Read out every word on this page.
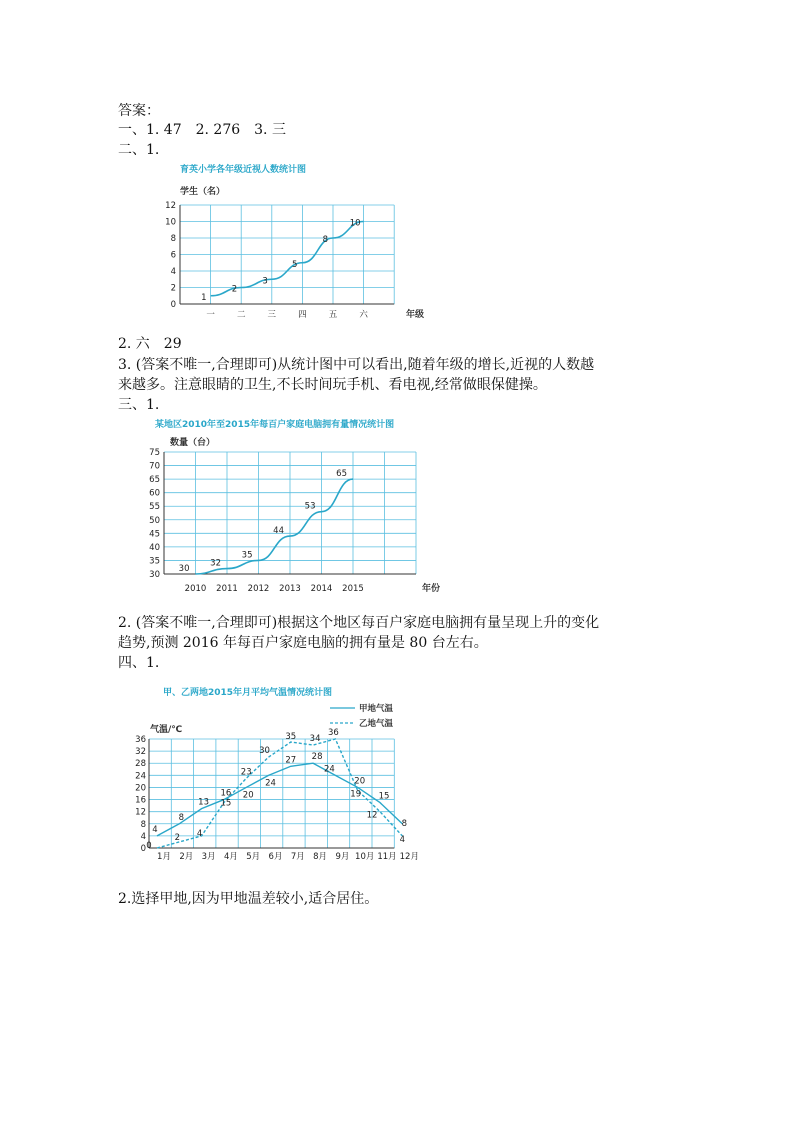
答案：
一、1. 47　2. 276　3. 三
二、1.
育英小学各年级近视人数统计图
学生（名）
0
2
4
6
8
10
12
一	二	三	四	五	六	年级
1
2
3
5
8
10
2. 六　29
3. (答案不唯一,合理即可)从统计图中可以看出,随着年级的增长,近视的人数越
来越多。注意眼睛的卫生,不长时间玩手机、看电视,经常做眼保健操。
三、1.
某地区2010年至2015年每百户家庭电脑拥有量情况统计图
数量（台）
30
35
40
45
50
55
60
65
70
75
2010 2011 2012 2013 2014 2015	年份
30
32
35
44
53
65
2. (答案不唯一,合理即可)根据这个地区每百户家庭电脑拥有量呈现上升的变化
趋势,预测 2016 年每百户家庭电脑的拥有量是 80 台左右。
四、1.
甲、乙两地2015年月平均气温情况统计图
气温/℃
甲地气温
乙地气温
0
4
8
12
16
20
24
28
32
36
1月 2月 3月 4月 5月 6月 7月 8月 9月 10月 11月 12月
4
8
13
16 20
24
27 28
24
20
15
8
0
2 4
15
23
30
35 34
36
19
12
4
2.选择甲地,因为甲地温差较小,适合居住。
